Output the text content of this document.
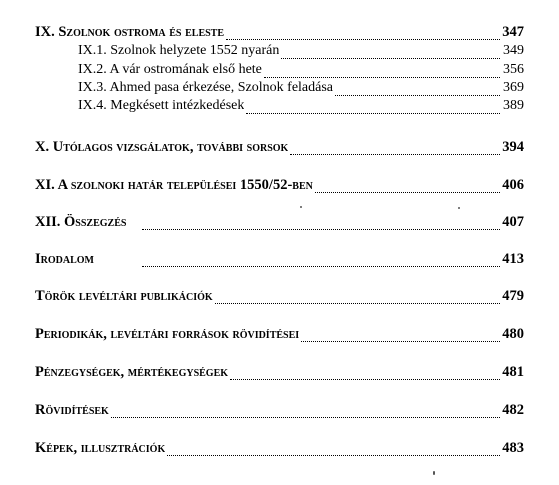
IX. Szolnok ostroma és eleste	347
IX.1. Szolnok helyzete 1552 nyarán	349
IX.2. A vár ostromának első hete	356
IX.3. Ahmed pasa érkezése, Szolnok feladása	369
IX.4. Megkésett intézkedések	389
X. Utólagos vizsgálatok, további sorsok	394
XI. A szolnoki határ települései 1550/52-ben	406
XII. Összegzés	407
Irodalom	413
Török levéltári publikációk	479
Periodikák, levéltári források rövidítései	480
Pénzegységek, mértékegységek	481
Rövidítések	482
Képek, illusztrációk	483
